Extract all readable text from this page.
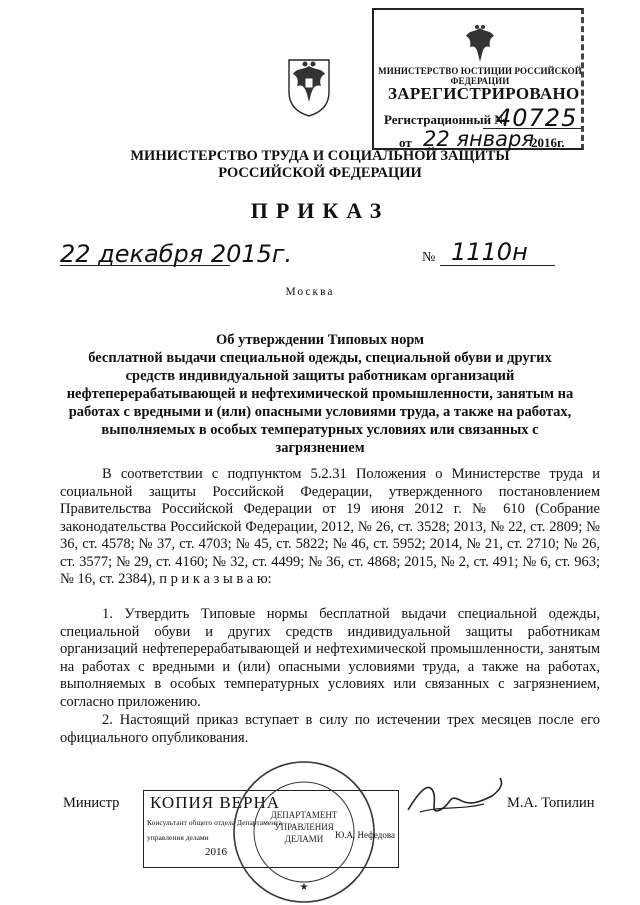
МИНИСТЕРСТВО ЮСТИЦИИ РОССИЙСКОЙ ФЕДЕРАЦИИ
ЗАРЕГИСТРИРОВАНО
Регистрационный №
40725
от 22 января
2016г.
МИНИСТЕРСТВО ТРУДА И СОЦИАЛЬНОЙ ЗАЩИТЫ
РОССИЙСКОЙ ФЕДЕРАЦИИ
ПРИКАЗ
22 декабря 2015г.	№ 1110н
Москва
Об утверждении Типовых норм
бесплатной выдачи специальной одежды, специальной обуви и других
средств индивидуальной защиты работникам организаций
нефтеперерабатывающей и нефтехимической промышленности, занятым на
работах с вредными и (или) опасными условиями труда, а также на работах,
выполняемых в особых температурных условиях или связанных с
загрязнением
В соответствии с подпунктом 5.2.31 Положения о Министерстве труда и социальной защиты Российской Федерации, утвержденного постановлением Правительства Российской Федерации от 19 июня 2012 г. № 610 (Собрание законодательства Российской Федерации, 2012, № 26, ст. 3528; 2013, № 22, ст. 2809; № 36, ст. 4578; № 37, ст. 4703; № 45, ст. 5822; № 46, ст. 5952; 2014, № 21, ст. 2710; № 26, ст. 3577; № 29, ст. 4160; № 32, ст. 4499; № 36, ст. 4868; 2015, № 2, ст. 491; № 6, ст. 963; № 16, ст. 2384), п р и к а з ы в а ю:
1. Утвердить Типовые нормы бесплатной выдачи специальной одежды, специальной обуви и других средств индивидуальной защиты работникам организаций нефтеперерабатывающей и нефтехимической промышленности, занятым на работах с вредными и (или) опасными условиями труда, а также на работах, выполняемых в особых температурных условиях или связанных с загрязнением, согласно приложению.
2. Настоящий приказ вступает в силу по истечении трех месяцев после его официального опубликования.
Министр	М.А. Топилин
КОПИЯ ВЕРНА
Консультант общего отдела Департамента
управления делами	Ю.А. Нефедова
2016
ДЕПАРТАМЕНТ
УПРАВЛЕНИЯ
ДЕЛАМИ
★
